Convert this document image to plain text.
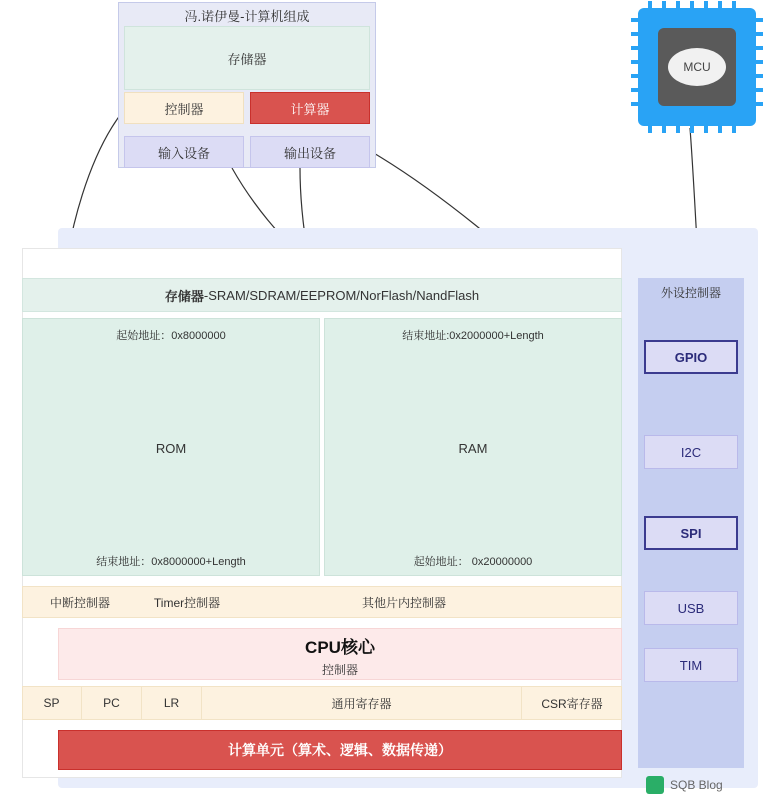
冯.诺伊曼-计算机组成
存储器
控制器	计算器
输入设备	输出设备
MCU
存储器 -SRAM/SDRAM/EEPROM/NorFlash/NandFlash
起始地址：0x8000000
ROM
结束地址：0x8000000+Length
结束地址:0x2000000+Length
RAM
起始地址： 0x20000000
中断控制器	Timer控制器	其他片内控制器
CPU核心
控制器
SP	PC	LR	通用寄存器	CSR寄存器
计算单元（算术、逻辑、数据传递）
外设控制器
GPIO
I2C
SPI
USB
TIM
SQB Blog
